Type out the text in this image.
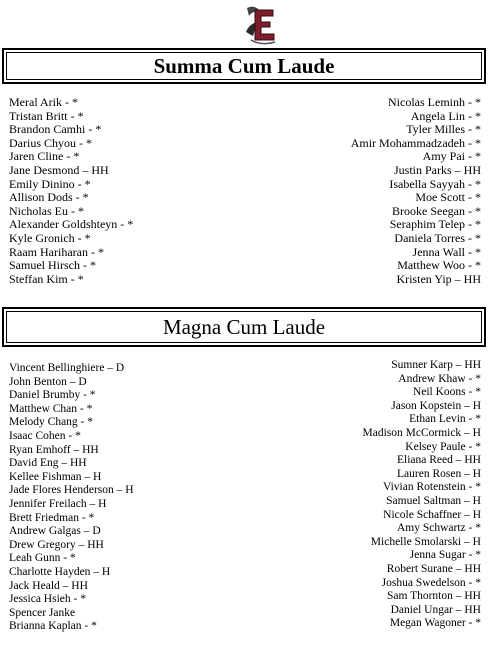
Summa Cum Laude
Meral Arik - *
Tristan Britt - *
Brandon Camhi - *
Darius Chyou - *
Jaren Cline - *
Jane Desmond – HH
Emily Dinino - *
Allison Dods - *
Nicholas Eu - *
Alexander Goldshteyn - *
Kyle Gronich - *
Raam Hariharan - *
Samuel Hirsch - *
Steffan Kim - *
Nicolas Leminh - *
Angela Lin - *
Tyler Milles - *
Amir Mohammadzadeh - *
Amy Pai - *
Justin Parks – HH
Isabella Sayyah - *
Moe Scott - *
Brooke Seegan - *
Seraphim Telep - *
Daniela Torres - *
Jenna Wall - *
Matthew Woo - *
Kristen Yip – HH
Magna Cum Laude
Vincent Bellinghiere – D
John Benton – D
Daniel Brumby - *
Matthew Chan - *
Melody Chang - *
Isaac Cohen - *
Ryan Emhoff – HH
David Eng – HH
Kellee Fishman – H
Jade Flores Henderson – H
Jennifer Freilach – H
Brett Friedman - *
Andrew Galgas – D
Drew Gregory – HH
Leah Gunn - *
Charlotte Hayden – H
Jack Heald – HH
Jessica Hsieh - *
Spencer Janke
Brianna Kaplan - *
Sumner Karp – HH
Andrew Khaw - *
Neil Koons - *
Jason Kopstein – H
Ethan Levin - *
Madison McCormick – H
Kelsey Paule - *
Eliana Reed – HH
Lauren Rosen – H
Vivian Rotenstein - *
Samuel Saltman – H
Nicole Schaffner – H
Amy Schwartz - *
Michelle Smolarski – H
Jenna Sugar - *
Robert Surane – HH
Joshua Swedelson - *
Sam Thornton – HH
Daniel Ungar – HH
Megan Wagoner - *
